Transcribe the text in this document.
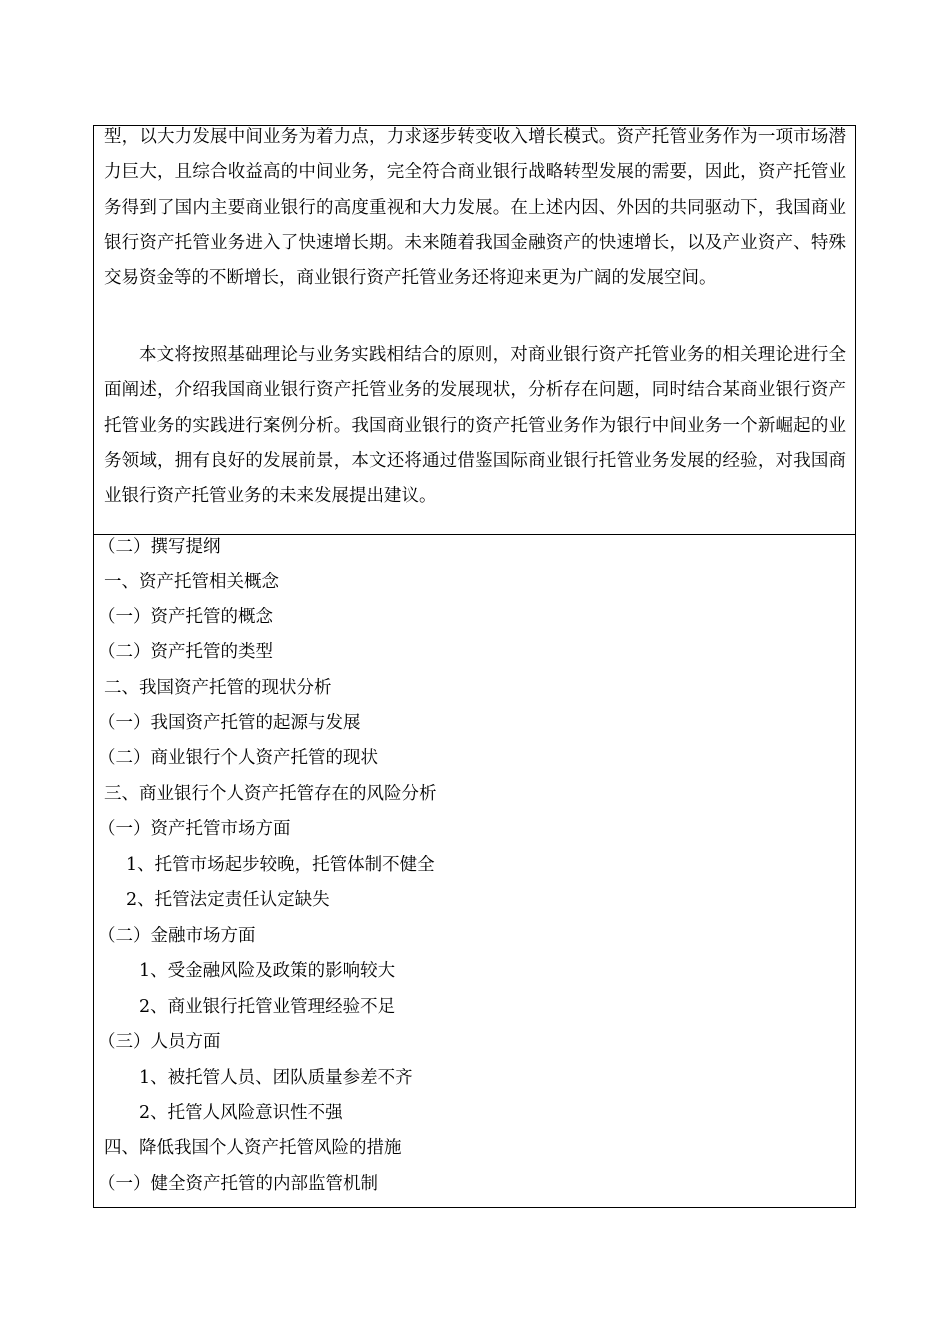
型，以大力发展中间业务为着力点，力求逐步转变收入增长模式。资产托管业务作为一项市场潜力巨大，且综合收益高的中间业务，完全符合商业银行战略转型发展的需要，因此，资产托管业务得到了国内主要商业银行的高度重视和大力发展。在上述内因、外因的共同驱动下，我国商业银行资产托管业务进入了快速增长期。未来随着我国金融资产的快速增长，以及产业资产、特殊交易资金等的不断增长，商业银行资产托管业务还将迎来更为广阔的发展空间。

本文将按照基础理论与业务实践相结合的原则，对商业银行资产托管业务的相关理论进行全面阐述，介绍我国商业银行资产托管业务的发展现状，分析存在问题，同时结合某商业银行资产托管业务的实践进行案例分析。我国商业银行的资产托管业务作为银行中间业务一个新崛起的业务领域，拥有良好的发展前景，本文还将通过借鉴国际商业银行托管业务发展的经验，对我国商业银行资产托管业务的未来发展提出建议。

（二）撰写提纲

一、资产托管相关概念

（一）资产托管的概念

（二）资产托管的类型

二、我国资产托管的现状分析

（一）我国资产托管的起源与发展

（二）商业银行个人资产托管的现状

三、商业银行个人资产托管存在的风险分析

（一）资产托管市场方面

1、托管市场起步较晚，托管体制不健全

2、托管法定责任认定缺失

（二）金融市场方面

1、受金融风险及政策的影响较大

2、商业银行托管业管理经验不足

（三）人员方面

1、被托管人员、团队质量参差不齐

2、托管人风险意识性不强

四、降低我国个人资产托管风险的措施

（一）健全资产托管的内部监管机制
